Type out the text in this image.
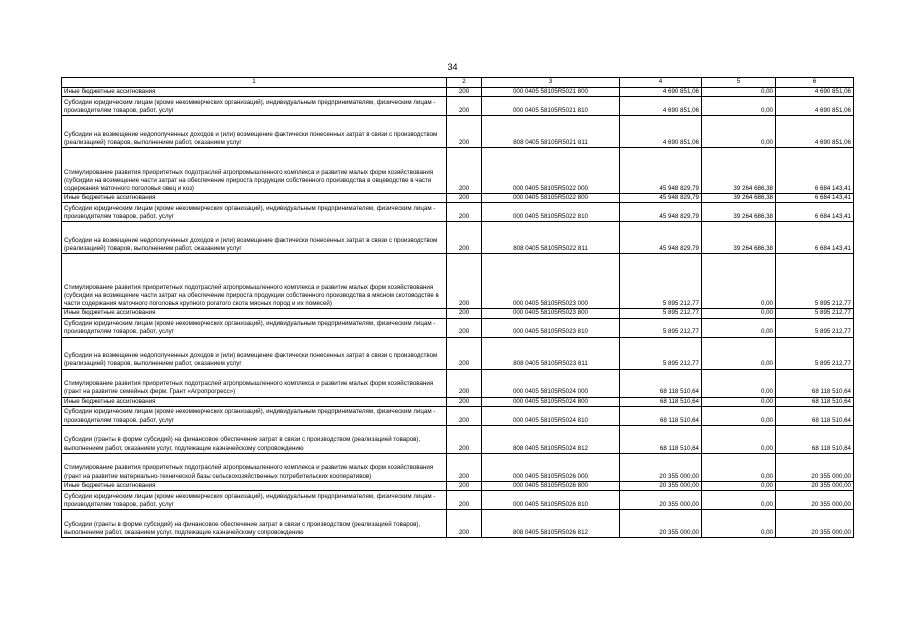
34
1	2	3	4	5	6
Иные бюджетные ассигнования	200	000 0405 58105R5021 800	4 690 851,06	0,00	4 690 851,06
Субсидии юридическим лицам (кроме некоммерческих организаций), индивидуальным предпринимателям, физическим лицам - производителям товаров, работ, услуг	200	000 0405 58105R5021 810	4 690 851,06	0,00	4 690 851,06
Субсидии на возмещение недополученных доходов и (или) возмещение фактически понесенных затрат в связи с производством (реализацией) товаров, выполнением работ, оказанием услуг	200	808 0405 58105R5021 811	4 690 851,06	0,00	4 690 851,06
Стимулирование развития приоритетных подотраслей агропромышленного комплекса и развитие малых форм хозяйствования (субсидии на возмещение части затрат на обеспечение прироста продукции собственного производства в овцеводстве в части содержания маточного поголовья овец и коз)	200	000 0405 58105R5022 000	45 948 829,79	39 264 686,38	6 684 143,41
Иные бюджетные ассигнования	200	000 0405 58105R5022 800	45 948 829,79	39 264 686,38	6 684 143,41
Субсидии юридическим лицам (кроме некоммерческих организаций), индивидуальным предпринимателям, физическим лицам - производителям товаров, работ, услуг	200	000 0405 58105R5022 810	45 948 829,79	39 264 686,38	6 684 143,41
Субсидии на возмещение недополученных доходов и (или) возмещение фактически понесенных затрат в связи с производством (реализацией) товаров, выполнением работ, оказанием услуг	200	808 0405 58105R5022 811	45 948 829,79	39 264 686,38	6 684 143,41
Стимулирование развития приоритетных подотраслей агропромышленного комплекса и развитие малых форм хозяйствования (субсидии на возмещение части затрат на обеспечение прироста продукции собственного производства в мясном скотоводстве в части содержания маточного поголовья крупного рогатого скота мясных пород и их помесей)	200	000 0405 58105R5023 000	5 895 212,77	0,00	5 895 212,77
Иные бюджетные ассигнования	200	000 0405 58105R5023 800	5 895 212,77	0,00	5 895 212,77
Субсидии юридическим лицам (кроме некоммерческих организаций), индивидуальным предпринимателям, физическим лицам - производителям товаров, работ, услуг	200	000 0405 58105R5023 810	5 895 212,77	0,00	5 895 212,77
Субсидии на возмещение недополученных доходов и (или) возмещение фактически понесенных затрат в связи с производством (реализацией) товаров, выполнением работ, оказанием услуг	200	808 0405 58105R5023 811	5 895 212,77	0,00	5 895 212,77
Стимулирование развития приоритетных подотраслей агропромышленного комплекса и развитие малых форм хозяйствования (грант на развитие семейных ферм. Грант «Агропрогресс»)	200	000 0405 58105R5024 000	68 118 510,64	0,00	68 118 510,64
Иные бюджетные ассигнования	200	000 0405 58105R5024 800	68 118 510,64	0,00	68 118 510,64
Субсидии юридическим лицам (кроме некоммерческих организаций), индивидуальным предпринимателям, физическим лицам - производителям товаров, работ, услуг	200	000 0405 58105R5024 810	68 118 510,64	0,00	68 118 510,64
Субсидии (гранты в форме субсидий) на финансовое обеспечение затрат в связи с производством (реализацией товаров), выполнением работ, оказанием услуг, подлежащие казначейскому сопровождению	200	808 0405 58105R5024 812	68 118 510,64	0,00	68 118 510,64
Стимулирование развития приоритетных подотраслей агропромышленного комплекса и развитие малых форм хозяйствования (грант на развитие материально-технической базы сельскохозяйственных потребительских кооперативов)	200	000 0405 58105R5026 000	20 355 000,00	0,00	20 355 000,00
Иные бюджетные ассигнования	200	000 0405 58105R5026 800	20 355 000,00	0,00	20 355 000,00
Субсидии юридическим лицам (кроме некоммерческих организаций), индивидуальным предпринимателям, физическим лицам - производителям товаров, работ, услуг	200	000 0405 58105R5026 810	20 355 000,00	0,00	20 355 000,00
Субсидии (гранты в форме субсидий) на финансовое обеспечение затрат в связи с производством (реализацией товаров), выполнением работ, оказанием услуг, подлежащие казначейскому сопровождению	200	808 0405 58105R5026 812	20 355 000,00	0,00	20 355 000,00
